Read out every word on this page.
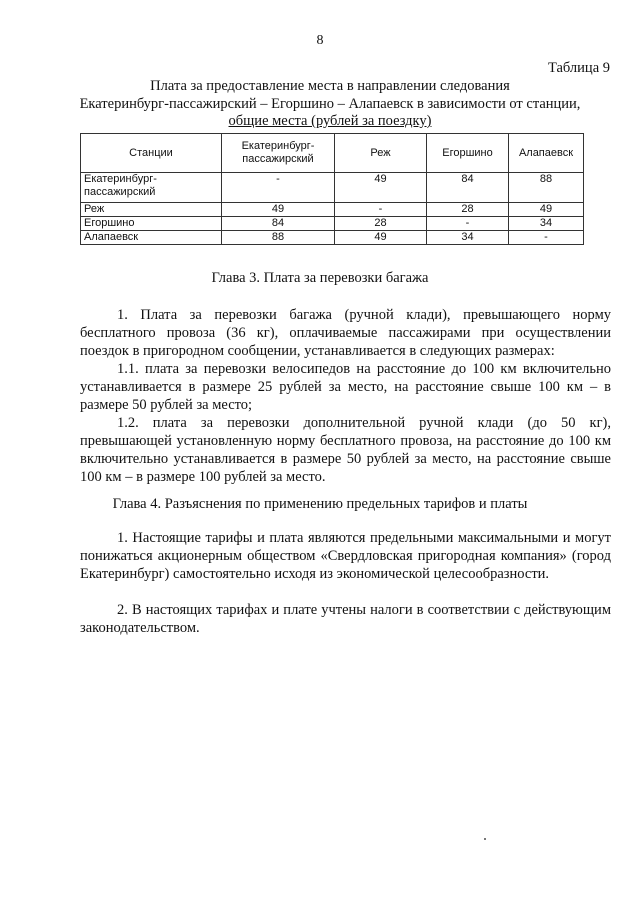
8
Таблица 9
Плата за предоставление места в направлении следования
Екатеринбург-пассажирский – Егоршино – Алапаевск в зависимости от станции,
общие места (рублей за поездку)
Станции	Екатеринбург-пассажирский	Реж	Егоршино	Алапаевск
Екатеринбург-пассажирский	-	49	84	88
Реж	49	-	28	49
Егоршино	84	28	-	34
Алапаевск	88	49	34	-
Глава 3. Плата за перевозки багажа

1. Плата за перевозки багажа (ручной клади), превышающего норму бесплатного провоза (36 кг), оплачиваемые пассажирами при осуществлении поездок в пригородном сообщении, устанавливается в следующих размерах:

1.1. плата за перевозки велосипедов на расстояние до 100 км включительно устанавливается в размере 25 рублей за место, на расстояние свыше 100 км – в размере 50 рублей за место;

1.2. плата за перевозки дополнительной ручной клади (до 50 кг), превышающей установленную норму бесплатного провоза, на расстояние до 100 км включительно устанавливается в размере 50 рублей за место, на расстояние свыше 100 км – в размере 100 рублей за место.

Глава 4. Разъяснения по применению предельных тарифов и платы

1. Настоящие тарифы и плата являются предельными максимальными и могут понижаться акционерным обществом «Свердловская пригородная компания» (город Екатеринбург) самостоятельно исходя из экономической целесообразности.

2. В настоящих тарифах и плате учтены налоги в соответствии с действующим законодательством.
